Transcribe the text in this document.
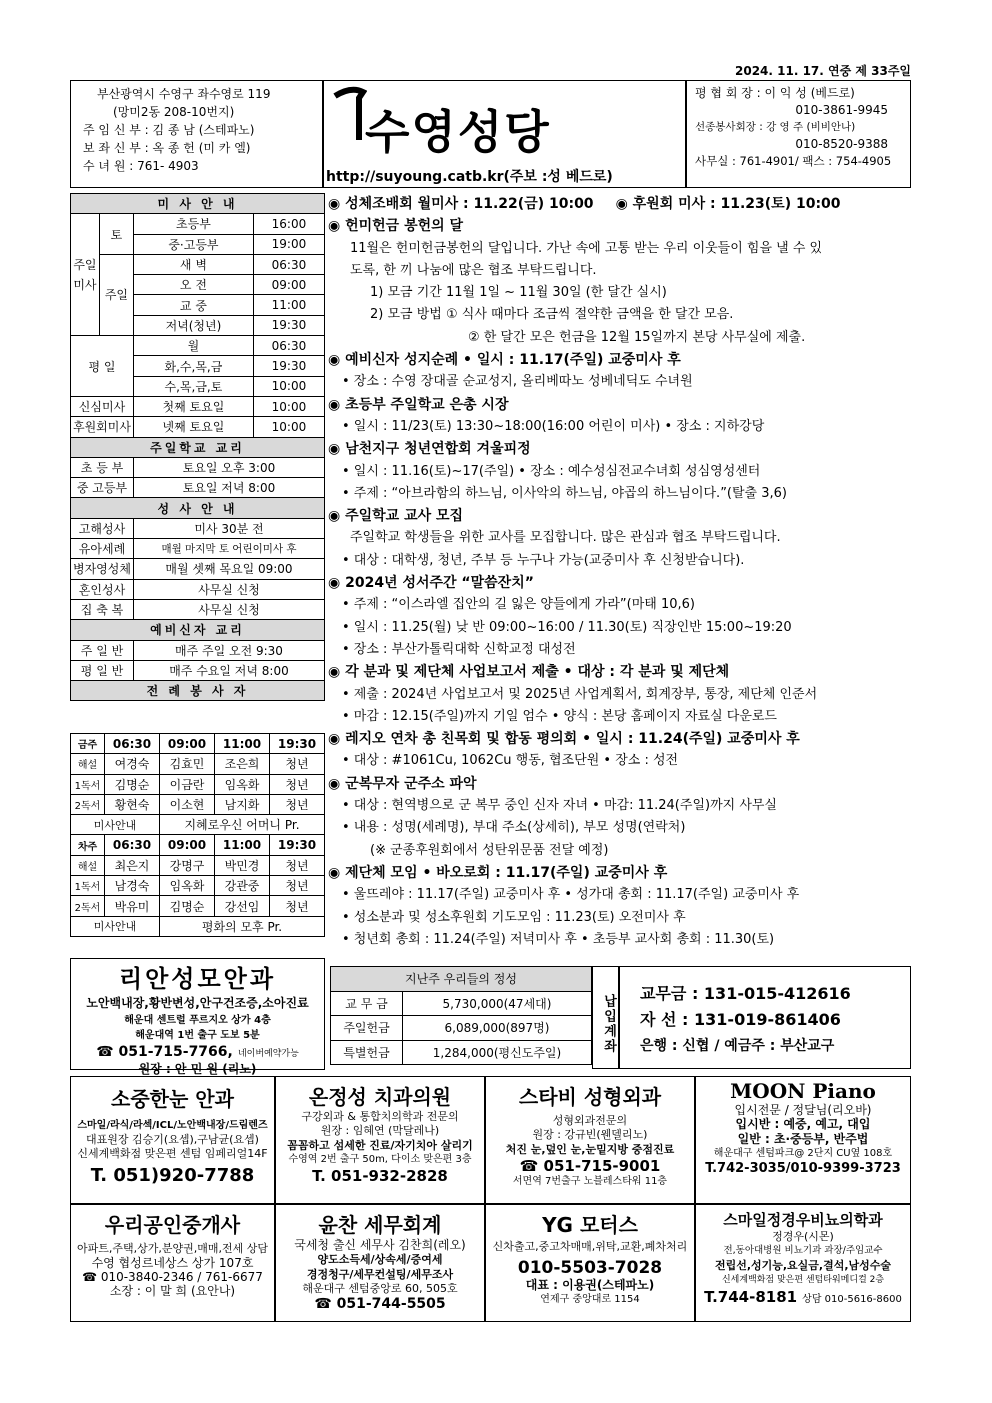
2024. 11. 17. 연중 제 33주일
부산광역시 수영구 좌수영로 119
(망미2동 208-10번지)
주 임 신 부 : 김 종 남 (스테파노)
보 좌 신 부 : 옥 종 헌 (미 카 엘)
수 녀 원 : 761- 4903
수영성당
http://suyoung.catb.kr(주보 :성 베드로)
평 협 회 장 : 이 익 성 (베드로)
010-3861-9945
선종봉사회장 : 강 영 주 (비비안나)
010-8520-9388
사무실 : 761-4901/ 팩스 : 754-4905
미 사 안 내			
주일미사	토	초등부	16:00
		중·고등부	19:00
	주일	새 벽	06:30
		오 전	09:00
		교 중	11:00
		저녁(청년)	19:30
평 일		월	06:30
		화,수,목,금	19:30
		수,목,금,토	10:00
신심미사		첫째 토요일	10:00
후원회미사		넷째 토요일	10:00
주일학교 교리			
초 등 부		토요일 오후 3:00	
중 고등부		토요일 저녁 8:00	
성 사 안 내			
고해성사		미사 30분 전	
유아세례		매월 마지막 토 어린이미사 후	
병자영성체		매월 셋째 목요일 09:00	
혼인성사		사무실 신청	
집 축 복		사무실 신청	
예비신자 교리			
주 일 반		매주 주일 오전 9:30	
평 일 반		매주 수요일 저녁 8:00	
전 례 봉 사 자			
금주	06:30	09:00	11:00	19:30
해설	여경숙	김효민	조은희	청년
1독서	김명순	이금란	임옥화	청년
2독서	황현숙	이소현	남지화	청년
미사안내		지혜로우신 어머니 Pr.		
차주	06:30	09:00	11:00	19:30
해설	최은지	강명구	박민경	청년
1독서	남경숙	임옥화	강관중	청년
2독서	박유미	김명순	강선임	청년
미사안내		평화의 모후 Pr.		
◉ 성체조배회 월미사 : 11.22(금) 10:00 ◉ 후원회 미사 : 11.23(토) 10:00
◉ 헌미헌금 봉헌의 달
11월은 헌미헌금봉헌의 달입니다. 가난 속에 고통 받는 우리 이웃들이 힘을 낼 수 있
도록, 한 끼 나눔에 많은 협조 부탁드립니다.
1) 모금 기간 11월 1일 ~ 11월 30일 (한 달간 실시)
2) 모금 방법 ① 식사 때마다 조금씩 절약한 금액을 한 달간 모음.
② 한 달간 모은 헌금을 12월 15일까지 본당 사무실에 제출.
◉ 예비신자 성지순례 • 일시 : 11.17(주일) 교중미사 후
• 장소 : 수영 장대골 순교성지, 올리베따노 성베네딕도 수녀원
◉ 초등부 주일학교 은총 시장
• 일시 : 11/23(토) 13:30~18:00(16:00 어린이 미사) • 장소 : 지하강당
◉ 남천지구 청년연합회 겨울피정
• 일시 : 11.16(토)~17(주일) • 장소 : 예수성심전교수녀회 성심영성센터
• 주제 : “아브라함의 하느님, 이사악의 하느님, 야곱의 하느님이다.”(탈출 3,6)
◉ 주일학교 교사 모집
주일학교 학생들을 위한 교사를 모집합니다. 많은 관심과 협조 부탁드립니다.
• 대상 : 대학생, 청년, 주부 등 누구나 가능(교중미사 후 신청받습니다).
◉ 2024년 성서주간 “말씀잔치”
• 주제 : “이스라엘 집안의 길 잃은 양들에게 가라”(마태 10,6)
• 일시 : 11.25(월) 낮 반 09:00~16:00 / 11.30(토) 직장인반 15:00~19:20
• 장소 : 부산가톨릭대학 신학교정 대성전
◉ 각 분과 및 제단체 사업보고서 제출 • 대상 : 각 분과 및 제단체
• 제출 : 2024년 사업보고서 및 2025년 사업계획서, 회계장부, 통장, 제단체 인준서
• 마감 : 12.15(주일)까지 기일 엄수 • 양식 : 본당 홈페이지 자료실 다운로드
◉ 레지오 연차 총 친목회 및 합동 평의회 • 일시 : 11.24(주일) 교중미사 후
• 대상 : #1061Cu, 1062Cu 행동, 협조단원 • 장소 : 성전
◉ 군복무자 군주소 파악
• 대상 : 현역병으로 군 복무 중인 신자 자녀 • 마감: 11.24(주일)까지 사무실
• 내용 : 성명(세례명), 부대 주소(상세히), 부모 성명(연락처)
(※ 군종후원회에서 성탄위문품 전달 예정)
◉ 제단체 모임 • 바오로회 : 11.17(주일) 교중미사 후
• 울뜨레야 : 11.17(주일) 교중미사 후 • 성가대 총회 : 11.17(주일) 교중미사 후
• 성소분과 및 성소후원회 기도모임 : 11.23(토) 오전미사 후
• 청년회 총회 : 11.24(주일) 저녁미사 후 • 초등부 교사회 총회 : 11.30(토)
리안성모안과
노안백내장,황반변성,안구건조증,소아진료
해운대 센트럴 푸르지오 상가 4층
해운대역 1번 출구 도보 5분
☎ 051-715-7766, 네이버예약가능
원장 : 안 민 원 (리노)
지난주 우리들의 정성	
교 무 금	5,730,000(47세대)
주일헌금	6,089,000(897명)
특별헌금	1,284,000(평신도주일)	납입계좌 교무금 : 131-015-412616
자 선 : 131-019-861406
은행 : 신협 / 예금주 : 부산교구
소중한눈 안과
스마일/라식/라섹/ICL/노안백내장/드림렌즈
대표원장 김승기(요셉),구남균(요셉)
신세계백화점 맞은편 센텀 임페리얼14F
T. 051)920-7788
온정성 치과의원
구강외과 & 통합치의학과 전문의
원장 : 임혜연 (막달레나)
꼼꼼하고 섬세한 진료/자기치아 살리기
수영역 2번 출구 50m, 다이소 맞은편 3층
T. 051-932-2828
스타비 성형외과
성형외과전문의
원장 : 강규빈(웬델리노)
처진 눈,덮인 눈,눈밑지방 중점진료
☎ 051-715-9001
서면역 7번출구 노블레스타워 11층
MOON Piano
입시전문 / 정달님(리오바)
입시반 : 예중, 예고, 대입
일반 : 초·중등부, 반주법
해운대구 센텀파크@ 2단지 CU옆 108호
T.742-3035/010-9399-3723
우리공인중개사
아파트,주택,상가,분양권,매매,전세 상담
수영 협성르네상스 상가 107호
☎ 010-3840-2346 / 761-6677
소장 : 이 말 희 (요안나)
윤찬 세무회계
국세청 출신 세무사 김찬희(레오)
양도소득세/상속세/증여세
경정청구/세무컨설팅/세무조사
해운대구 센텀중앙로 60, 505호
☎ 051-744-5505
YG 모터스
신차출고,중고차매매,위탁,교환,폐차처리
010-5503-7028
대표 : 이용권(스테파노)
연제구 중앙대로 1154
스마일정경우비뇨의학과
정경우(시몬)
전,동아대병원 비뇨기과 과장/주임교수
전립선,성기능,요실금,결석,남성수술
신세계백화점 맞은편 센텀타워메디컬 2층
T.744-8181 상담 010-5616-8600
